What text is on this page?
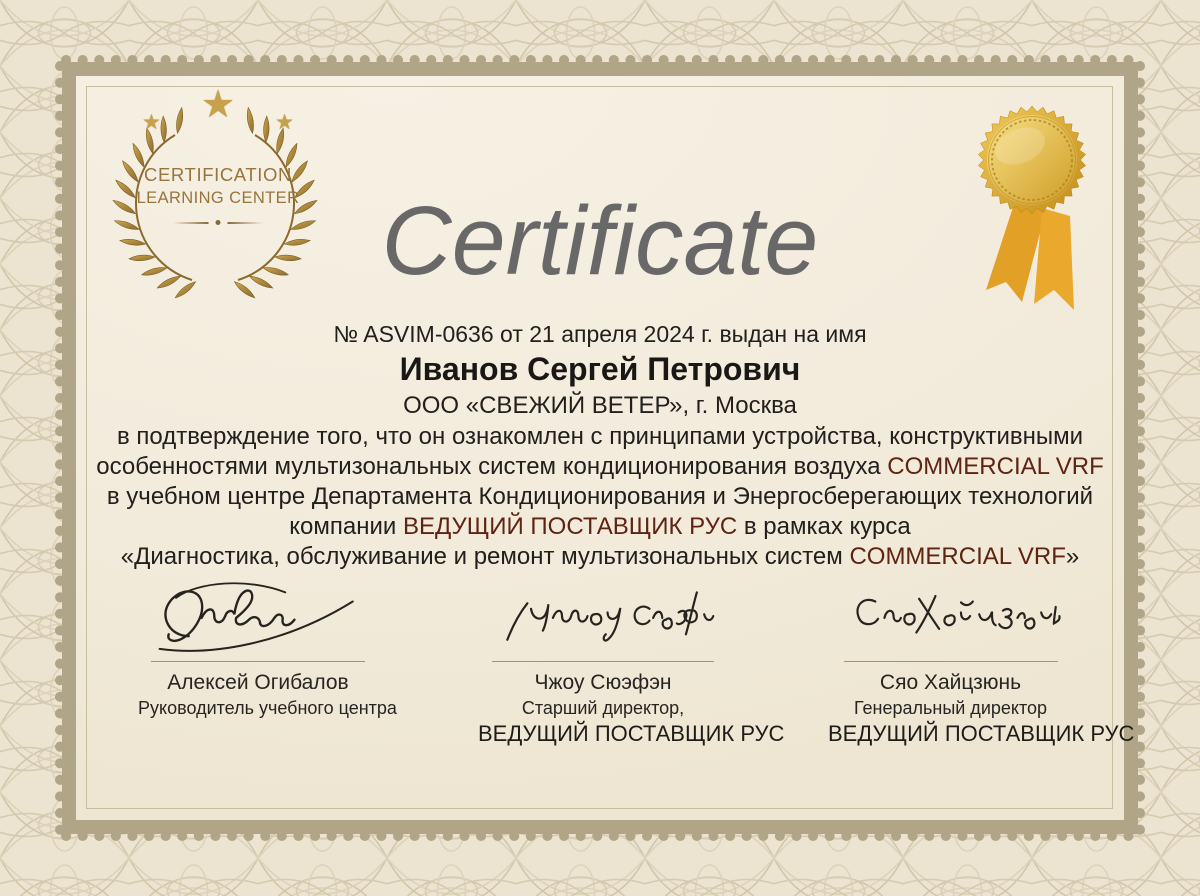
★
★	★
CERTIFICATION
LEARNING CENTER Certificate
№ ASVIM-0636 от 21 апреля 2024 г. выдан на имя
Иванов Сергей Петрович
ООО «СВЕЖИЙ ВЕТЕР», г. Москва
в подтверждение того, что он ознакомлен с принципами устройства, конструктивными
особенностями мультизональных систем кондиционирования воздуха COMMERCIAL VRF
в учебном центре Департамента Кондиционирования и Энергосберегающих технологий
компании ВЕДУЩИЙ ПОСТАВЩИК РУС в рамках курса
«Диагностика, обслуживание и ремонт мультизональных систем COMMERCIAL VRF»
Алексей Огибалов
Руководитель учебного центра
Чжоу Сюэфэн
Старший директор,
ВЕДУЩИЙ ПОСТАВЩИК РУС
Сяо Хайцзюнь
Генеральный директор
ВЕДУЩИЙ ПОСТАВЩИК РУС
